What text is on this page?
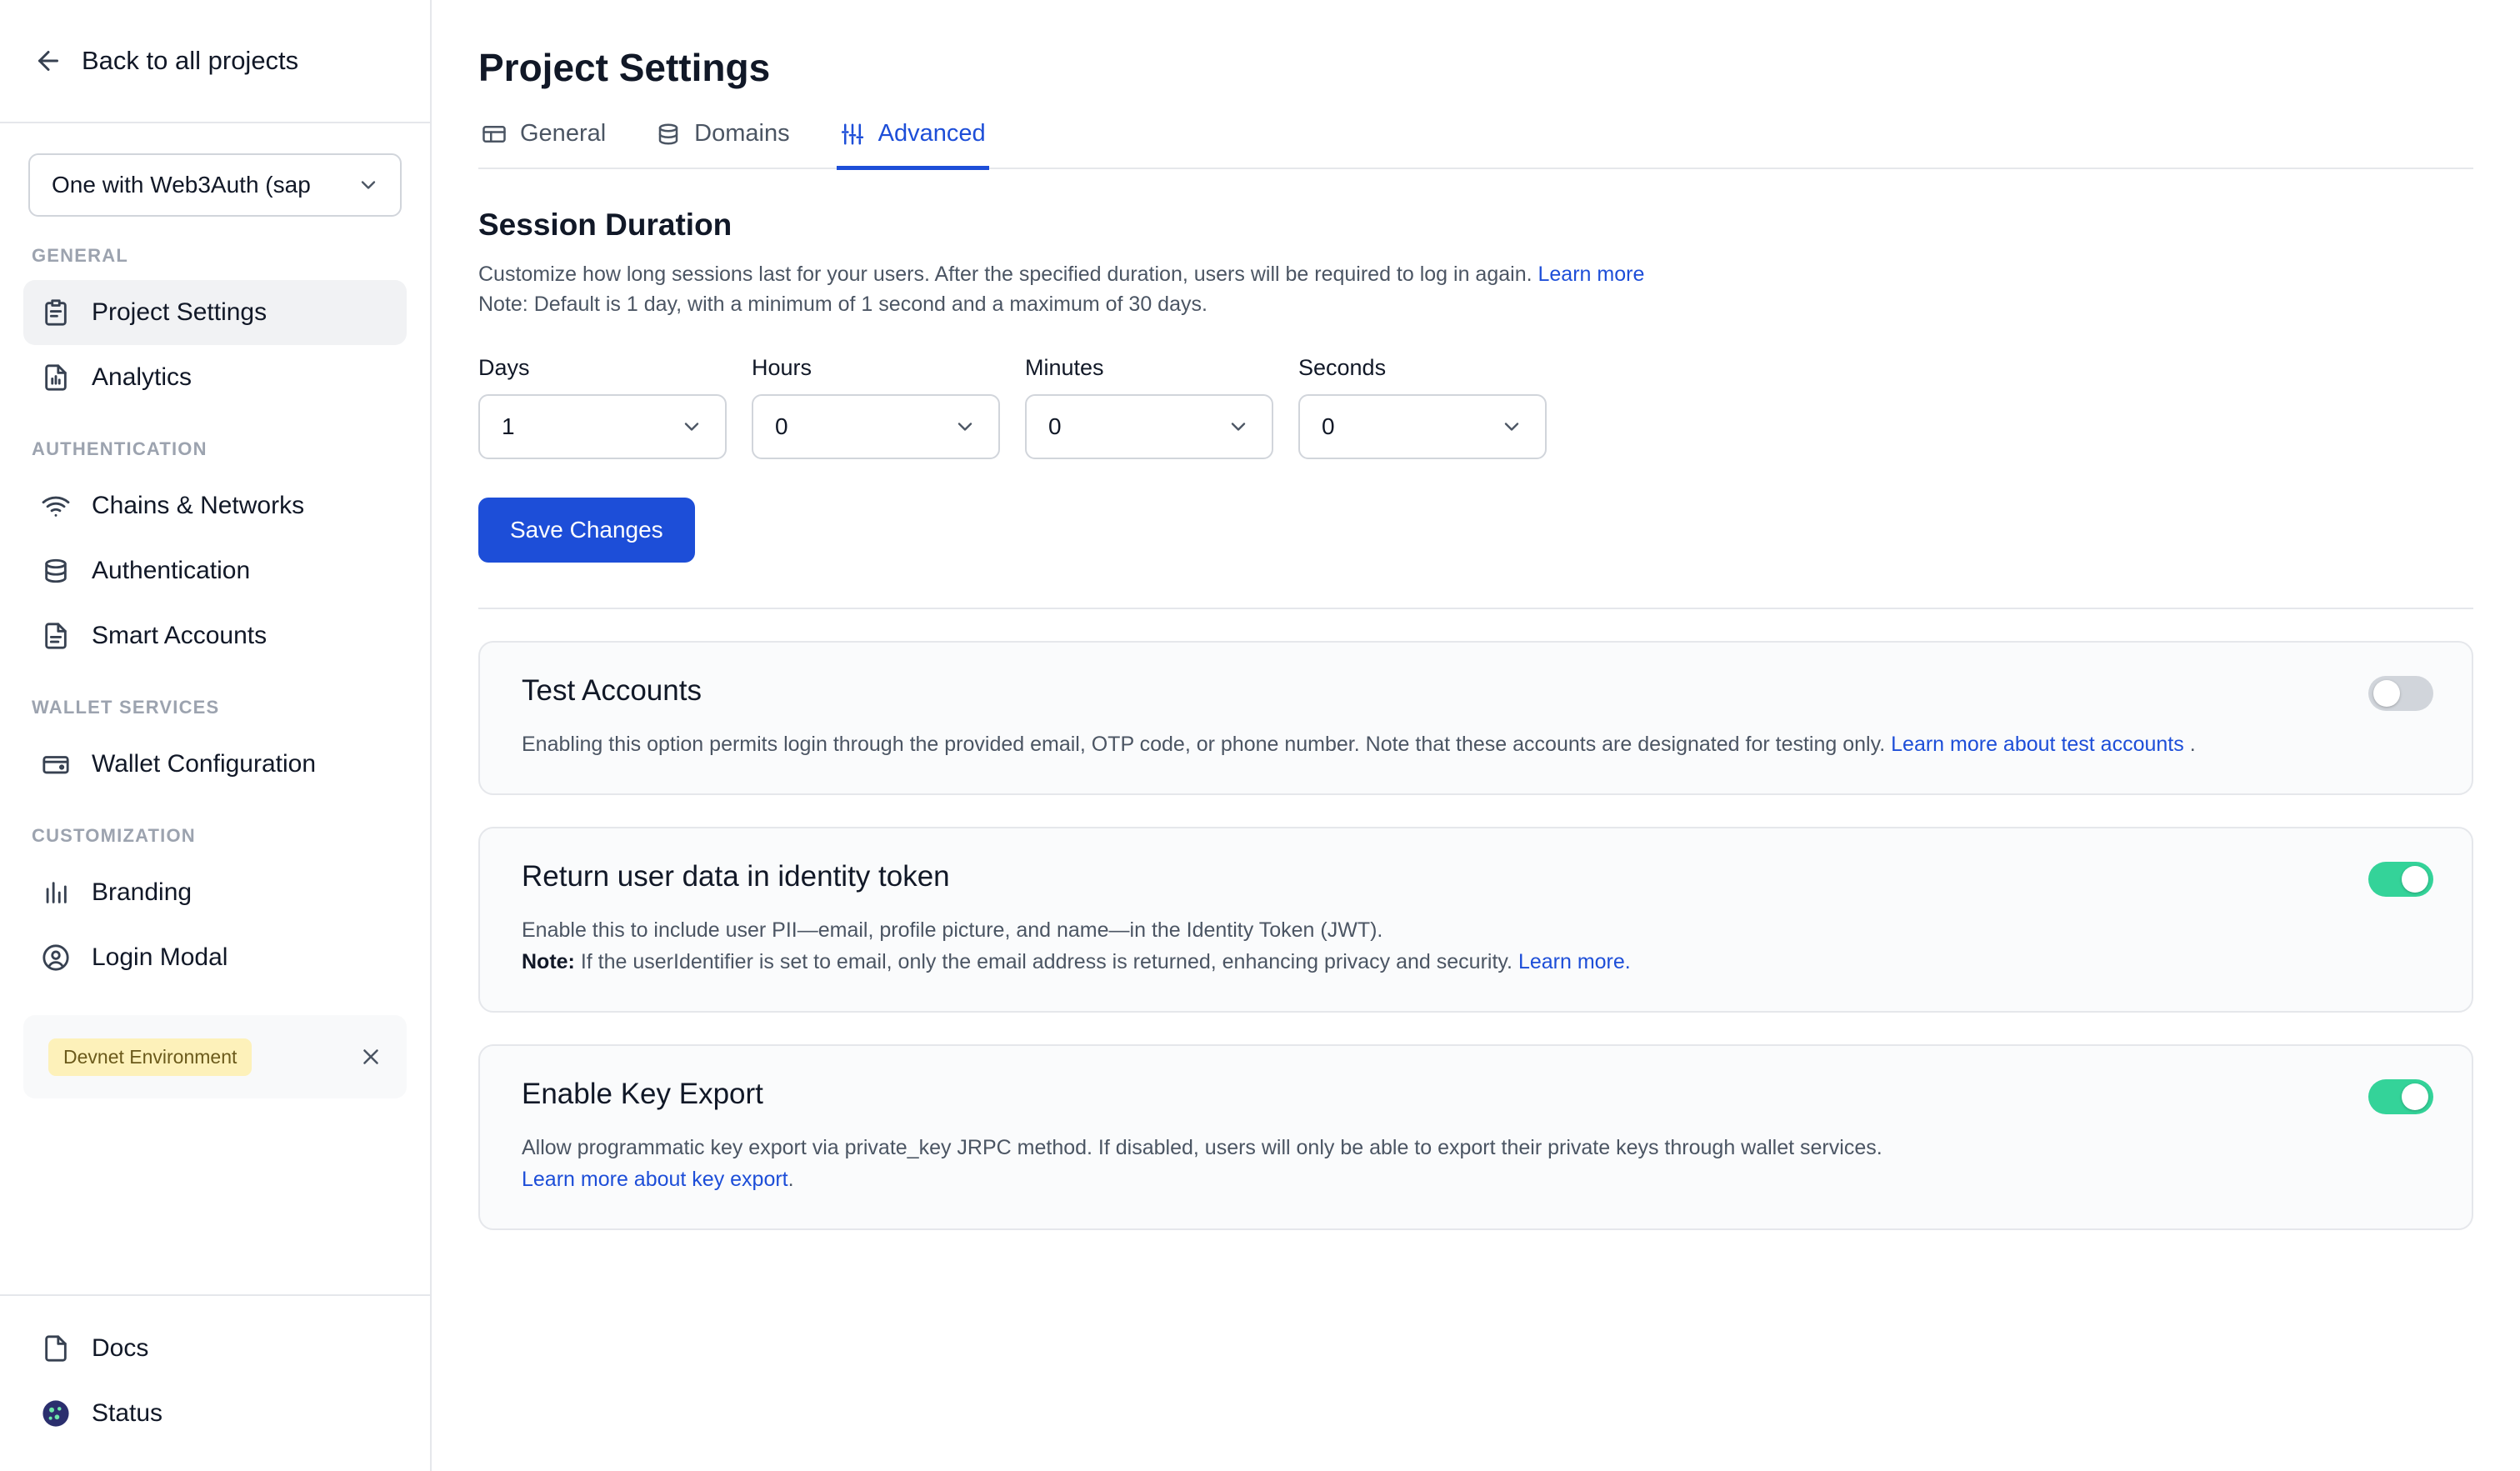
Back to all projects
One with Web3Auth (sap
GENERAL
Project Settings
Analytics
AUTHENTICATION
Chains & Networks
Authentication
Smart Accounts
WALLET SERVICES
Wallet Configuration
CUSTOMIZATION
Branding
Login Modal
Devnet Environment
Docs
Status
Project Settings
General	Domains	Advanced
Session Duration
Customize how long sessions last for your users. After the specified duration, users will be required to log in again. Learn more
Note: Default is 1 day, with a minimum of 1 second and a maximum of 30 days.
Days
1
Hours
0
Minutes
0
Seconds
0
Save Changes
Test Accounts
Enabling this option permits login through the provided email, OTP code, or phone number. Note that these accounts are designated for testing only. Learn more about test accounts .
Return user data in identity token
Enable this to include user PII—email, profile picture, and name—in the Identity Token (JWT).
Note: If the userIdentifier is set to email, only the email address is returned, enhancing privacy and security. Learn more.
Enable Key Export
Allow programmatic key export via private_key JRPC method. If disabled, users will only be able to export their private keys through wallet services.
Learn more about key export.
